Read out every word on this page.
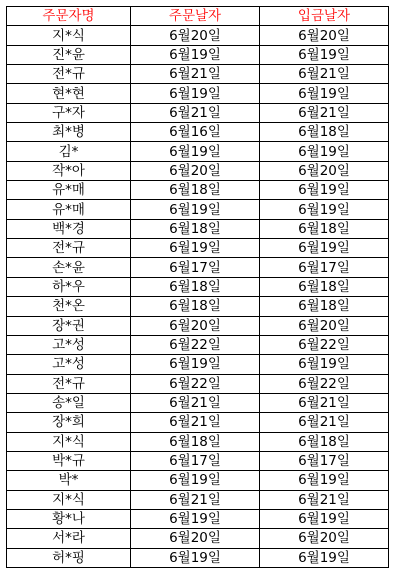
주문자명	주문날자	입금날자
지*식	6월20일	6월20일
진*윤	6월19일	6월19일
전*규	6월21일	6월21일
현*현	6월19일	6월19일
구*자	6월21일	6월21일
최*병	6월16일	6월18일
김*	6월19일	6월19일
작*아	6월20일	6월20일
유*매	6월18일	6월19일
유*매	6월19일	6월19일
백*경	6월18일	6월18일
전*규	6월19일	6월19일
손*윤	6월17일	6월17일
하*우	6월18일	6월18일
천*온	6월18일	6월18일
장*권	6월20일	6월20일
고*성	6월22일	6월22일
고*성	6월19일	6월19일
전*규	6월22일	6월22일
송*일	6월21일	6월21일
장*희	6월21일	6월21일
지*식	6월18일	6월18일
박*규	6월17일	6월17일
박*	6월19일	6월19일
지*식	6월21일	6월21일
황*나	6월19일	6월19일
서*라	6월20일	6월20일
허*핑	6월19일	6월19일
